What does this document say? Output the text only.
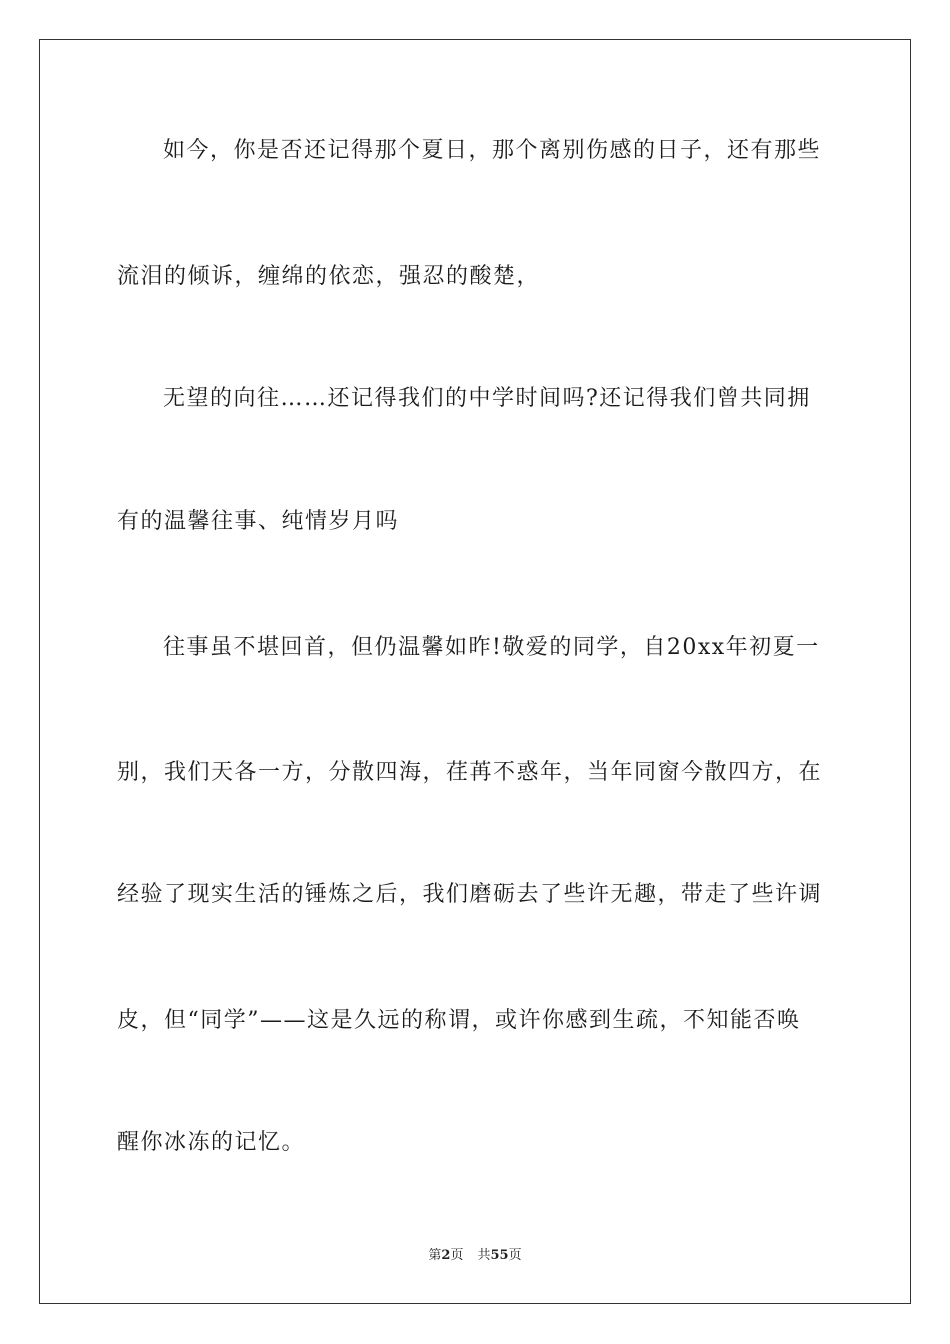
如今，你是否还记得那个夏日，那个离别伤感的日子，还有那些
流泪的倾诉，缠绵的依恋，强忍的酸楚，
无望的向往……还记得我们的中学时间吗?还记得我们曾共同拥
有的温馨往事、纯情岁月吗
往事虽不堪回首，但仍温馨如昨!敬爱的同学，自20xx年初夏一
别，我们天各一方，分散四海，荏苒不惑年，当年同窗今散四方，在
经验了现实生活的锤炼之后，我们磨砺去了些许无趣，带走了些许调
皮，但“同学”——这是久远的称谓，或许你感到生疏，不知能否唤
醒你冰冻的记忆。
第2页 共55页
